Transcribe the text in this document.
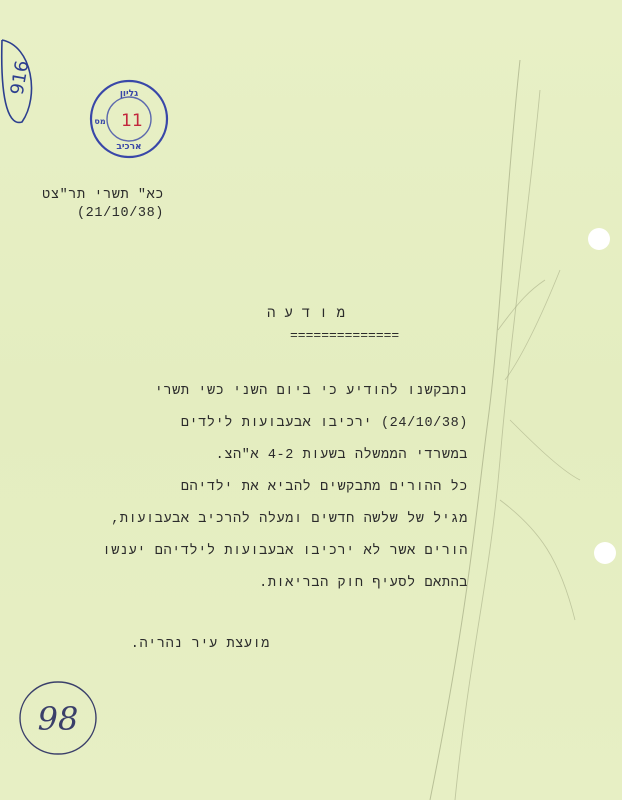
916	גליון
מס 11
ארכיב
כא" תשרי תר"צט
(21/10/38)
מודעה
==============
נתבקשנו להודיע כי ביום השני כשי תשרי
(24/10/38) ירכיבו אבעבועות לילדים
במשרדי הממשלה בשעות 4-2 א"הצ.
כל ההורים מתבקשים להביא את ילדיהם
מגיל של שלשה חדשים ומעלה להרכיב אבעבועות,
הורים אשר לא ירכיבו אבעבועות לילדיהם יענשו
בהתאם לסעיף חוק הבריאות.
מועצת עיר נהריה.
98
